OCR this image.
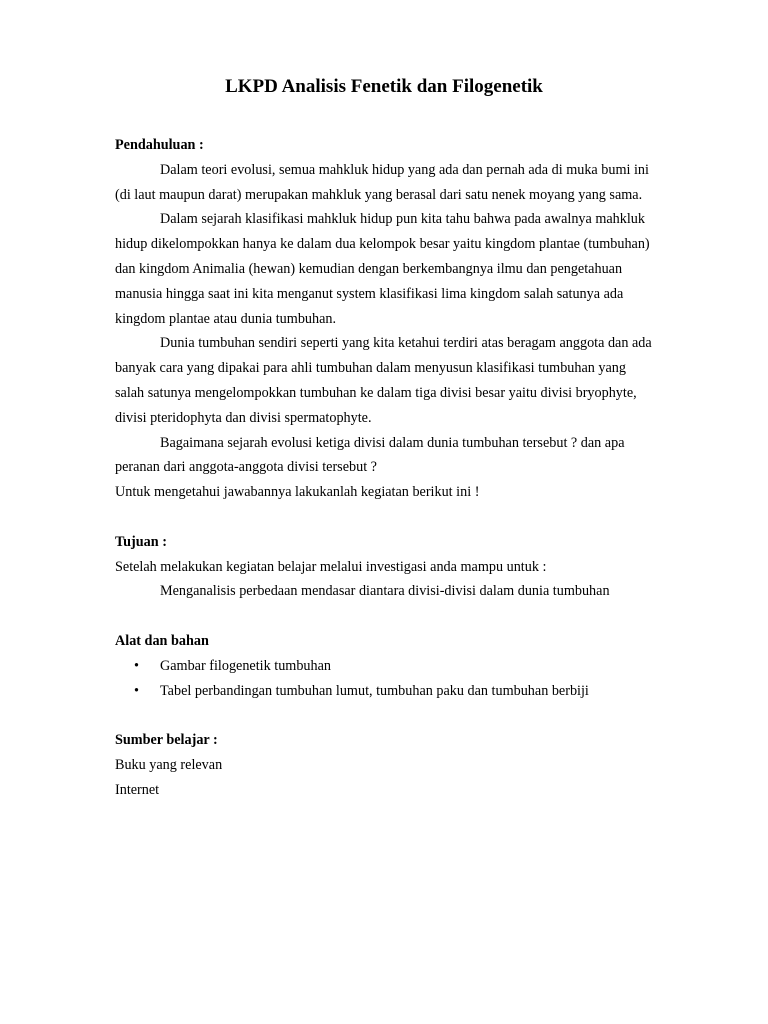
LKPD Analisis Fenetik dan Filogenetik

Pendahuluan :

Dalam teori evolusi, semua mahkluk hidup yang ada dan pernah ada di muka bumi ini (di laut maupun darat) merupakan mahkluk yang berasal dari satu nenek moyang yang sama.

Dalam sejarah klasifikasi mahkluk hidup pun kita tahu bahwa pada awalnya mahkluk hidup dikelompokkan hanya ke dalam dua kelompok besar yaitu kingdom plantae (tumbuhan) dan kingdom Animalia (hewan) kemudian dengan berkembangnya ilmu dan pengetahuan manusia hingga saat ini kita menganut system klasifikasi lima kingdom salah satunya ada kingdom plantae atau dunia tumbuhan.

Dunia tumbuhan sendiri seperti yang kita ketahui terdiri atas beragam anggota dan ada banyak cara yang dipakai para ahli tumbuhan dalam menyusun klasifikasi tumbuhan yang salah satunya mengelompokkan tumbuhan ke dalam tiga divisi besar yaitu divisi bryophyte, divisi pteridophyta dan divisi spermatophyte.

Bagaimana sejarah evolusi ketiga divisi dalam dunia tumbuhan tersebut ? dan apa peranan dari anggota-anggota divisi tersebut ?

Untuk mengetahui jawabannya lakukanlah kegiatan berikut ini !

Tujuan :

Setelah melakukan kegiatan belajar melalui investigasi anda mampu untuk :

Menganalisis perbedaan mendasar diantara divisi-divisi dalam dunia tumbuhan

Alat dan bahan

• Gambar filogenetik tumbuhan
• Tabel perbandingan tumbuhan lumut, tumbuhan paku dan tumbuhan berbiji

Sumber belajar :

Buku yang relevan

Internet
